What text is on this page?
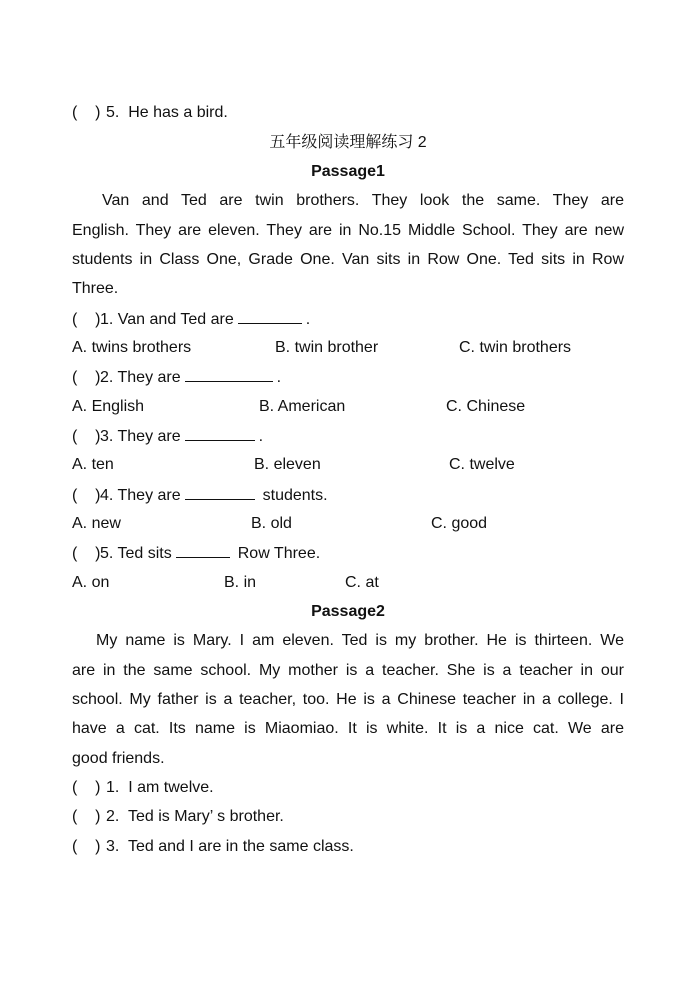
(    ) 5.  He has a bird.
五年级阅读理解练习 2
Passage1
Van and Ted are twin brothers. They look the same. They are
English. They are eleven. They are in No.15 Middle School. They are new
students in Class One, Grade One. Van sits in Row One. Ted sits in Row
Three.
(    )1. Van and Ted are	.
A. twins brothers	B. twin brother	C. twin brothers
(    )2. They are	.
A. English	B. American	C. Chinese
(    )3. They are	.
A. ten	B. eleven	C. twelve
(    )4. They are	students.
A. new	B. old	C. good
(    )5. Ted sits	Row Three.
A. on	B. in	C. at
Passage2
My name is Mary. I am eleven. Ted is my brother. He is thirteen. We
are in the same school. My mother is a teacher. She is a teacher in our
school. My father is a teacher, too. He is a Chinese teacher in a college. I
have a cat. Its name is Miaomiao. It is white. It is a nice cat. We are
good friends.
(    ) 1.  I am twelve.
(    ) 2.  Ted is Mary’ s brother.
(    ) 3.  Ted and I are in the same class.
